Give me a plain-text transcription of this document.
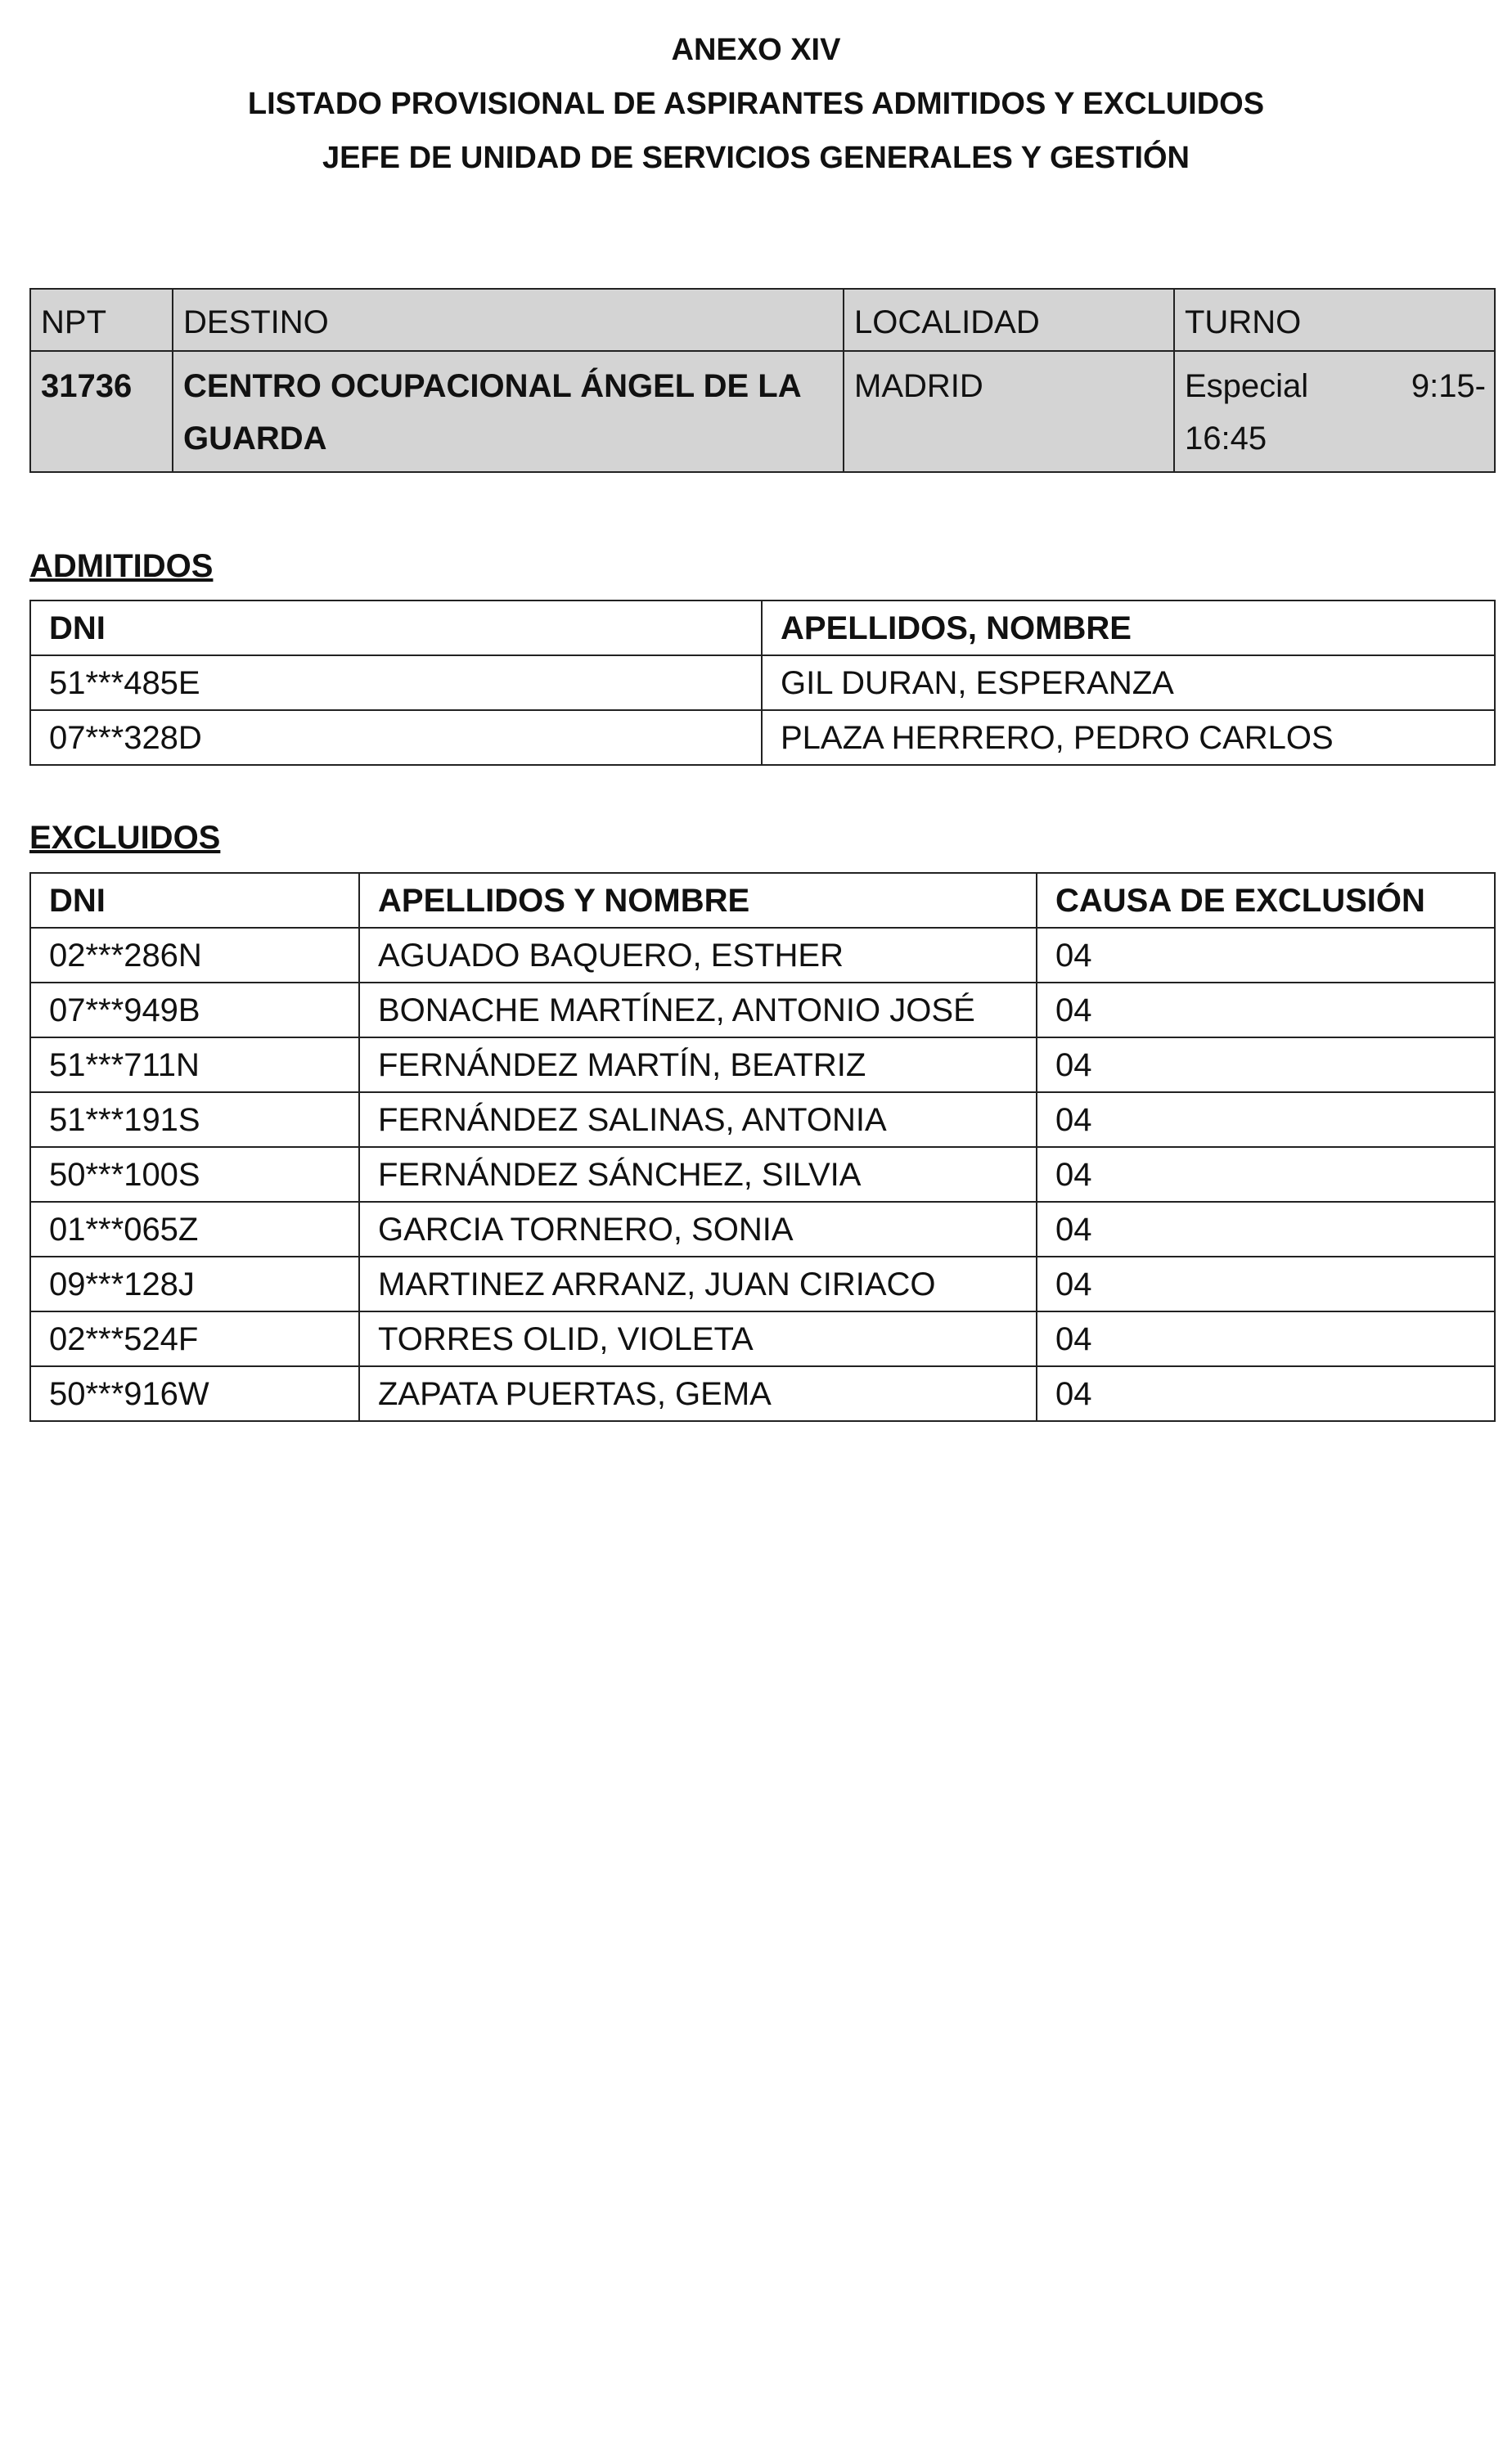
ANEXO XIV
LISTADO PROVISIONAL DE ASPIRANTES ADMITIDOS Y EXCLUIDOS
JEFE DE UNIDAD DE SERVICIOS GENERALES Y GESTIÓN
NPT	DESTINO	LOCALIDAD	TURNO
31736	CENTRO OCUPACIONAL ÁNGEL DE LA GUARDA	MADRID	Especial 9:15-
16:45
ADMITIDOS
DNI	APELLIDOS, NOMBRE
51***485E	GIL DURAN, ESPERANZA
07***328D	PLAZA HERRERO, PEDRO CARLOS
EXCLUIDOS
DNI	APELLIDOS Y NOMBRE	CAUSA DE EXCLUSIÓN
02***286N	AGUADO BAQUERO, ESTHER	04
07***949B	BONACHE MARTÍNEZ, ANTONIO JOSÉ	04
51***711N	FERNÁNDEZ MARTÍN, BEATRIZ	04
51***191S	FERNÁNDEZ SALINAS, ANTONIA	04
50***100S	FERNÁNDEZ SÁNCHEZ, SILVIA	04
01***065Z	GARCIA TORNERO, SONIA	04
09***128J	MARTINEZ ARRANZ, JUAN CIRIACO	04
02***524F	TORRES OLID, VIOLETA	04
50***916W	ZAPATA PUERTAS, GEMA	04
